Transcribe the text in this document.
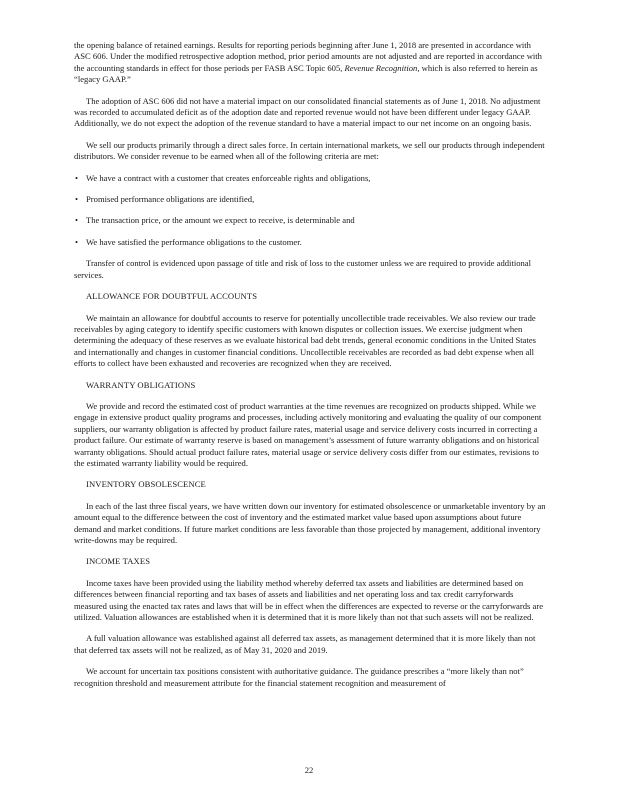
the opening balance of retained earnings. Results for reporting periods beginning after June 1, 2018 are presented in accordance with ASC 606. Under the modified retrospective adoption method, prior period amounts are not adjusted and are reported in accordance with the accounting standards in effect for those periods per FASB ASC Topic 605, Revenue Recognition, which is also referred to herein as “legacy GAAP.”

The adoption of ASC 606 did not have a material impact on our consolidated financial statements as of June 1, 2018. No adjustment was recorded to accumulated deficit as of the adoption date and reported revenue would not have been different under legacy GAAP. Additionally, we do not expect the adoption of the revenue standard to have a material impact to our net income on an ongoing basis.

We sell our products primarily through a direct sales force. In certain international markets, we sell our products through independent distributors. We consider revenue to be earned when all of the following criteria are met:

• We have a contract with a customer that creates enforceable rights and obligations,
• Promised performance obligations are identified,
• The transaction price, or the amount we expect to receive, is determinable and
• We have satisfied the performance obligations to the customer.

Transfer of control is evidenced upon passage of title and risk of loss to the customer unless we are required to provide additional services.

ALLOWANCE FOR DOUBTFUL ACCOUNTS

We maintain an allowance for doubtful accounts to reserve for potentially uncollectible trade receivables. We also review our trade receivables by aging category to identify specific customers with known disputes or collection issues. We exercise judgment when determining the adequacy of these reserves as we evaluate historical bad debt trends, general economic conditions in the United States and internationally and changes in customer financial conditions. Uncollectible receivables are recorded as bad debt expense when all efforts to collect have been exhausted and recoveries are recognized when they are received.

WARRANTY OBLIGATIONS

We provide and record the estimated cost of product warranties at the time revenues are recognized on products shipped. While we engage in extensive product quality programs and processes, including actively monitoring and evaluating the quality of our component suppliers, our warranty obligation is affected by product failure rates, material usage and service delivery costs incurred in correcting a product failure. Our estimate of warranty reserve is based on management’s assessment of future warranty obligations and on historical warranty obligations. Should actual product failure rates, material usage or service delivery costs differ from our estimates, revisions to the estimated warranty liability would be required.

INVENTORY OBSOLESCENCE

In each of the last three fiscal years, we have written down our inventory for estimated obsolescence or unmarketable inventory by an amount equal to the difference between the cost of inventory and the estimated market value based upon assumptions about future demand and market conditions. If future market conditions are less favorable than those projected by management, additional inventory write-downs may be required.

INCOME TAXES

Income taxes have been provided using the liability method whereby deferred tax assets and liabilities are determined based on differences between financial reporting and tax bases of assets and liabilities and net operating loss and tax credit carryforwards measured using the enacted tax rates and laws that will be in effect when the differences are expected to reverse or the carryforwards are utilized. Valuation allowances are established when it is determined that it is more likely than not that such assets will not be realized.

A full valuation allowance was established against all deferred tax assets, as management determined that it is more likely than not that deferred tax assets will not be realized, as of May 31, 2020 and 2019.

We account for uncertain tax positions consistent with authoritative guidance. The guidance prescribes a “more likely than not” recognition threshold and measurement attribute for the financial statement recognition and measurement of

22
